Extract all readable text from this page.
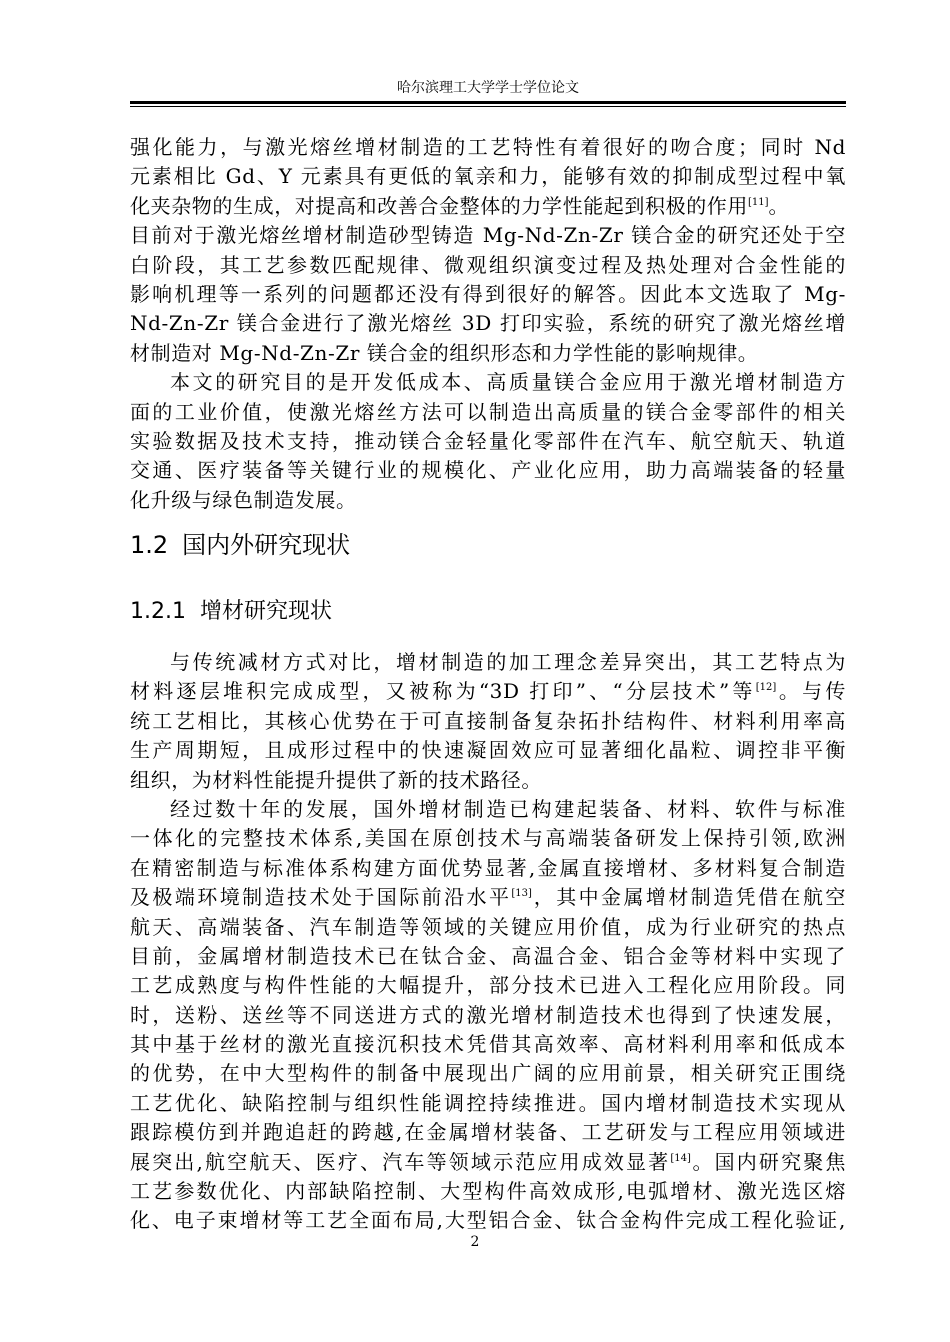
哈尔滨理工大学学士学位论文
强化能力，与激光熔丝增材制造的工艺特性有着很好的吻合度；同时 Nd
元素相比 Gd、Y 元素具有更低的氧亲和力，能够有效的抑制成型过程中氧
化夹杂物的生成，对提高和改善合金整体的力学性能起到积极的作用[11]。
目前对于激光熔丝增材制造砂型铸造 Mg-Nd-Zn-Zr 镁合金的研究还处于空
白阶段，其工艺参数匹配规律、微观组织演变过程及热处理对合金性能的
影响机理等一系列的问题都还没有得到很好的解答。因此本文选取了 Mg-
Nd-Zn-Zr 镁合金进行了激光熔丝 3D 打印实验，系统的研究了激光熔丝增
材制造对 Mg-Nd-Zn-Zr 镁合金的组织形态和力学性能的影响规律。
本文的研究目的是开发低成本、高质量镁合金应用于激光增材制造方
面的工业价值，使激光熔丝方法可以制造出高质量的镁合金零部件的相关
实验数据及技术支持，推动镁合金轻量化零部件在汽车、航空航天、轨道
交通、医疗装备等关键行业的规模化、产业化应用，助力高端装备的轻量
化升级与绿色制造发展。
1.2 国内外研究现状
1.2.1 增材研究现状
与传统减材方式对比，增材制造的加工理念差异突出，其工艺特点为
材料逐层堆积完成成型，又被称为“3D 打印”、“分层技术”等[12]。与传
统工艺相比，其核心优势在于可直接制备复杂拓扑结构件、材料利用率高
生产周期短，且成形过程中的快速凝固效应可显著细化晶粒、调控非平衡
组织，为材料性能提升提供了新的技术路径。
经过数十年的发展，国外增材制造已构建起装备、材料、软件与标准
一体化的完整技术体系,美国在原创技术与高端装备研发上保持引领,欧洲
在精密制造与标准体系构建方面优势显著,金属直接增材、多材料复合制造
及极端环境制造技术处于国际前沿水平[13]，其中金属增材制造凭借在航空
航天、高端装备、汽车制造等领域的关键应用价值，成为行业研究的热点
目前，金属增材制造技术已在钛合金、高温合金、铝合金等材料中实现了
工艺成熟度与构件性能的大幅提升，部分技术已进入工程化应用阶段。同
时，送粉、送丝等不同送进方式的激光增材制造技术也得到了快速发展，
其中基于丝材的激光直接沉积技术凭借其高效率、高材料利用率和低成本
的优势，在中大型构件的制备中展现出广阔的应用前景，相关研究正围绕
工艺优化、缺陷控制与组织性能调控持续推进。国内增材制造技术实现从
跟踪模仿到并跑追赶的跨越,在金属增材装备、工艺研发与工程应用领域进
展突出,航空航天、医疗、汽车等领域示范应用成效显著[14]。国内研究聚焦
工艺参数优化、内部缺陷控制、大型构件高效成形,电弧增材、激光选区熔
化、电子束增材等工艺全面布局,大型铝合金、钛合金构件完成工程化验证,
2
